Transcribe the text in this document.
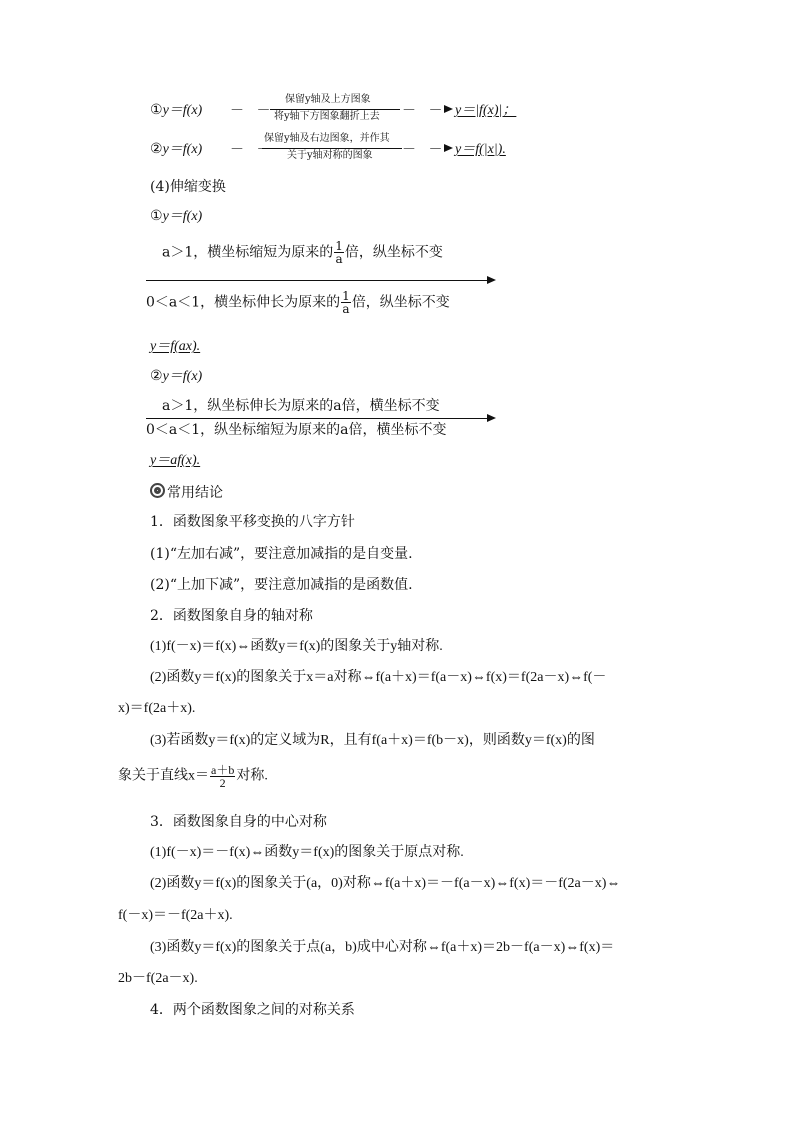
①y＝f(x) － －
保留y轴及上方图象
将y轴下方图象翻折上去 － － y＝|f(x)|；
②y＝f(x) － －
保留y轴及右边图象，并作其
关于y轴对称的图象 － － y＝f(|x|).
(4)伸缩变换
①y＝f(x)
a＞1，横坐标缩短为原来的 $\frac{1}{a}$ 倍，纵坐标不变
0＜a＜1，横坐标伸长为原来的 $\frac{1}{a}$ 倍，纵坐标不变
y＝f(ax).
②y＝f(x)
a＞1，纵坐标伸长为原来的a倍，横坐标不变
0＜a＜1，纵坐标缩短为原来的a倍，横坐标不变
y＝af(x).
常用结论
1．函数图象平移变换的八字方针
(1)“左加右减”，要注意加减指的是自变量.
(2)“上加下减”，要注意加减指的是函数值.
2．函数图象自身的轴对称
(1)f(－x)＝f(x)⇔函数y＝f(x)的图象关于y轴对称.
(2)函数y＝f(x)的图象关于x＝a对称⇔f(a＋x)＝f(a－x)⇔f(x)＝f(2a－x)⇔f(－
x)＝f(2a＋x).
(3)若函数y＝f(x)的定义域为R，且有f(a＋x)＝f(b－x)，则函数y＝f(x)的图
象关于直线$x= \frac{a+b}{2}$ 对称.
3．函数图象自身的中心对称
(1)f(－x)＝－f(x)⇔函数y＝f(x)的图象关于原点对称.
(2)函数y＝f(x)的图象关于(a，0)对称⇔f(a＋x)＝－f(a－x)⇔f(x)＝－f(2a－x)⇔
f(－x)＝－f(2a＋x).
(3)函数y＝f(x)的图象关于点(a，b)成中心对称⇔f(a＋x)＝2b－f(a－x)⇔f(x)＝
2b－f(2a－x).
4．两个函数图象之间的对称关系
